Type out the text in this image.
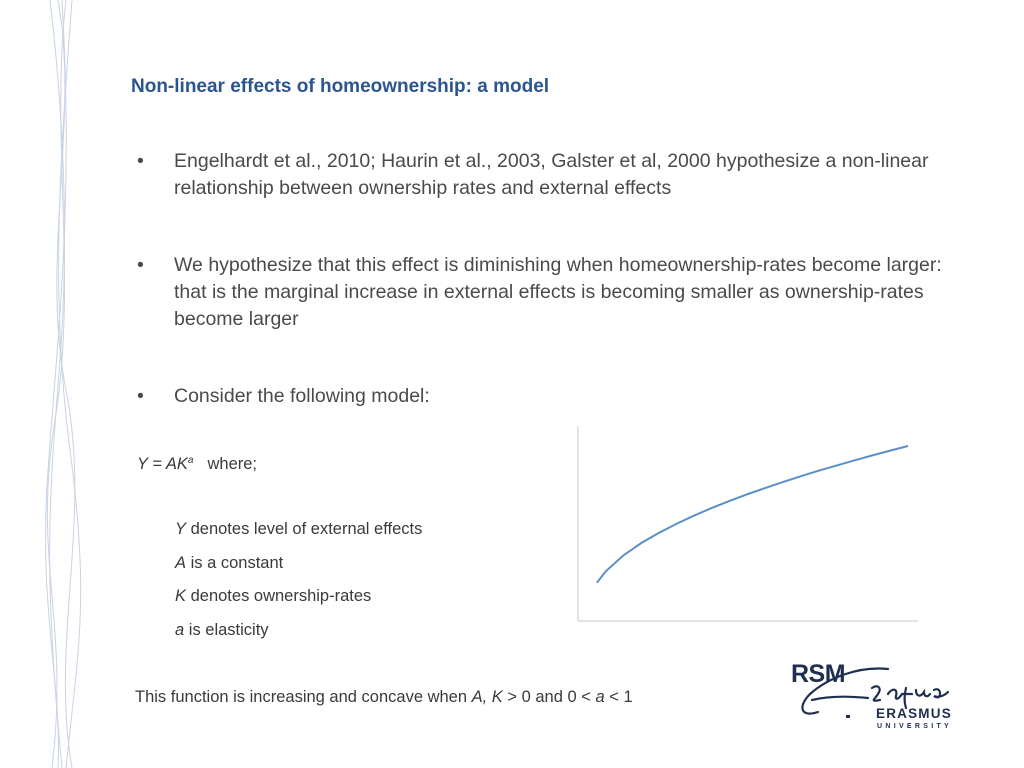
Non-linear effects of homeownership: a model
• Engelhardt et al., 2010; Haurin et al., 2003, Galster et al, 2000 hypothesize a non-linear relationship between ownership rates and external effects
• We hypothesize that this effect is diminishing when homeownership-rates become larger: that is the marginal increase in external effects is becoming smaller as ownership-rates become larger
• Consider the following model:
$Y = AK^a$ where;
Y denotes level of external effects
A is a constant
K denotes ownership-rates
a is elasticity
This function is increasing and concave when A, K > 0 and 0 < a < 1
RSM
ERASMUS
UNIVERSITY
